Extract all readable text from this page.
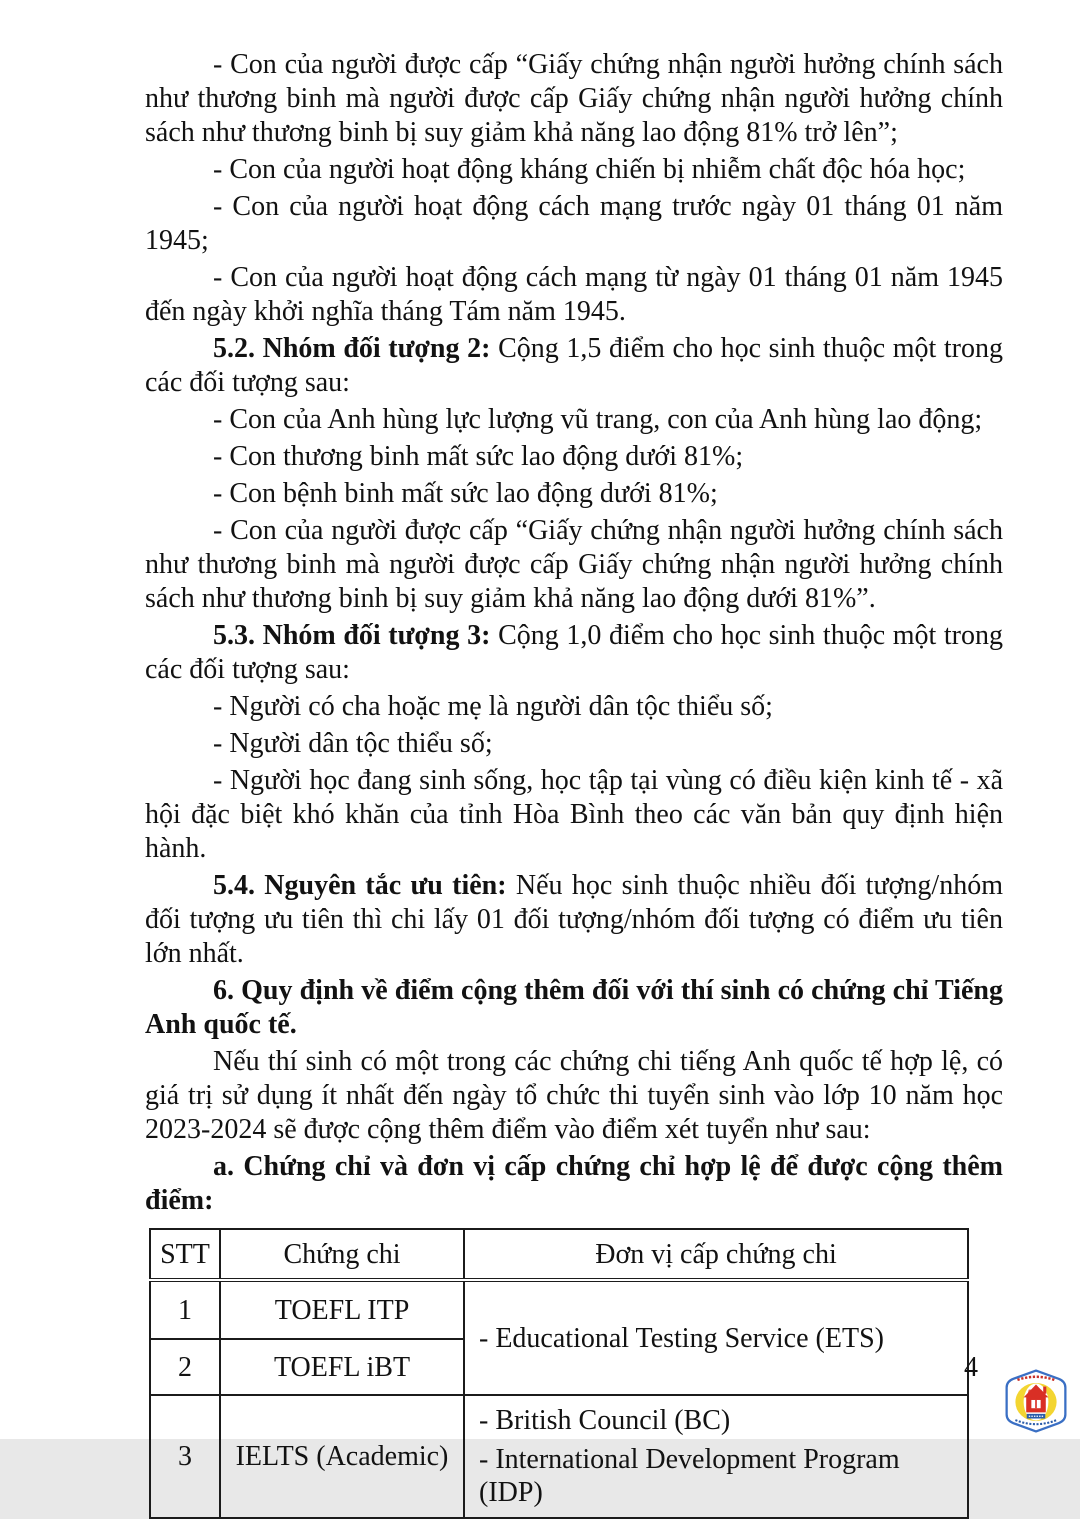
- Con của người được cấp “Giấy chứng nhận người hưởng chính sách như thương binh mà người được cấp Giấy chứng nhận người hưởng chính sách như thương binh bị suy giảm khả năng lao động 81% trở lên”;

- Con của người hoạt động kháng chiến bị nhiễm chất độc hóa học;

- Con của người hoạt động cách mạng trước ngày 01 tháng 01 năm 1945;

- Con của người hoạt động cách mạng từ ngày 01 tháng 01 năm 1945 đến ngày khởi nghĩa tháng Tám năm 1945.

5.2. Nhóm đối tượng 2: Cộng 1,5 điểm cho học sinh thuộc một trong các đối tượng sau:

- Con của Anh hùng lực lượng vũ trang, con của Anh hùng lao động;

- Con thương binh mất sức lao động dưới 81%;

- Con bệnh binh mất sức lao động dưới 81%;

- Con của người được cấp “Giấy chứng nhận người hưởng chính sách như thương binh mà người được cấp Giấy chứng nhận người hưởng chính sách như thương binh bị suy giảm khả năng lao động dưới 81%”.

5.3. Nhóm đối tượng 3: Cộng 1,0 điểm cho học sinh thuộc một trong các đối tượng sau:

- Người có cha hoặc mẹ là người dân tộc thiểu số;

- Người dân tộc thiểu số;

- Người học đang sinh sống, học tập tại vùng có điều kiện kinh tế - xã hội đặc biệt khó khăn của tỉnh Hòa Bình theo các văn bản quy định hiện hành.

5.4. Nguyên tắc ưu tiên: Nếu học sinh thuộc nhiều đối tượng/nhóm đối tượng ưu tiên thì chi lấy 01 đối tượng/nhóm đối tượng có điểm ưu tiên lớn nhất.

6. Quy định về điểm cộng thêm đối với thí sinh có chứng chỉ Tiếng Anh quốc tế.

Nếu thí sinh có một trong các chứng chi tiếng Anh quốc tế hợp lệ, có giá trị sử dụng ít nhất đến ngày tổ chức thi tuyển sinh vào lớp 10 năm học 2023-2024 sẽ được cộng thêm điểm vào điểm xét tuyển như sau:

a. Chứng chỉ và đơn vị cấp chứng chỉ hợp lệ để được cộng thêm điểm:

STT	Chứng chi	Đơn vị cấp chứng chi
1	TOEFL ITP	- Educational Testing Service (ETS)
2	TOEFL iBT	
3	IELTS (Academic)	- British Council (BC)
- International Development Program (IDP)
4
